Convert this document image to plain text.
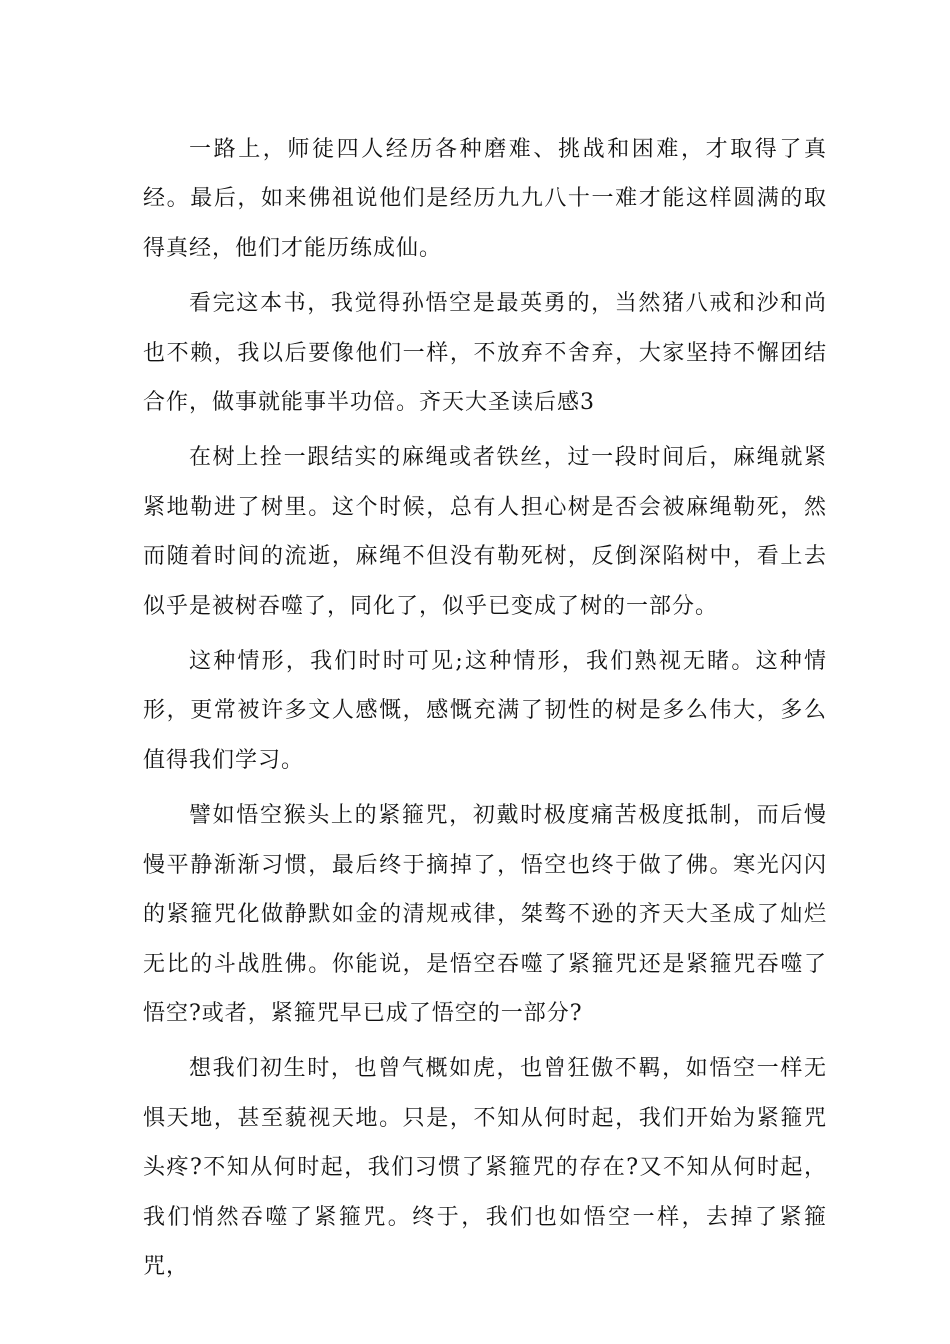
一路上，师徒四人经历各种磨难、挑战和困难，才取得了真经。最后，如来佛祖说他们是经历九九八十一难才能这样圆满的取得真经，他们才能历练成仙。

看完这本书，我觉得孙悟空是最英勇的，当然猪八戒和沙和尚也不赖，我以后要像他们一样，不放弃不舍弃，大家坚持不懈团结合作，做事就能事半功倍。齐天大圣读后感3

在树上拴一跟结实的麻绳或者铁丝，过一段时间后，麻绳就紧紧地勒进了树里。这个时候，总有人担心树是否会被麻绳勒死，然而随着时间的流逝，麻绳不但没有勒死树，反倒深陷树中，看上去似乎是被树吞噬了，同化了，似乎已变成了树的一部分。

这种情形，我们时时可见;这种情形，我们熟视无睹。这种情形，更常被许多文人感慨，感慨充满了韧性的树是多么伟大，多么值得我们学习。

譬如悟空猴头上的紧箍咒，初戴时极度痛苦极度抵制，而后慢慢平静渐渐习惯，最后终于摘掉了，悟空也终于做了佛。寒光闪闪的紧箍咒化做静默如金的清规戒律，桀骜不逊的齐天大圣成了灿烂无比的斗战胜佛。你能说，是悟空吞噬了紧箍咒还是紧箍咒吞噬了悟空?或者，紧箍咒早已成了悟空的一部分?

想我们初生时，也曾气概如虎，也曾狂傲不羁，如悟空一样无惧天地，甚至藐视天地。只是，不知从何时起，我们开始为紧箍咒头疼?不知从何时起，我们习惯了紧箍咒的存在?又不知从何时起，我们悄然吞噬了紧箍咒。终于，我们也如悟空一样，去掉了紧箍咒，
